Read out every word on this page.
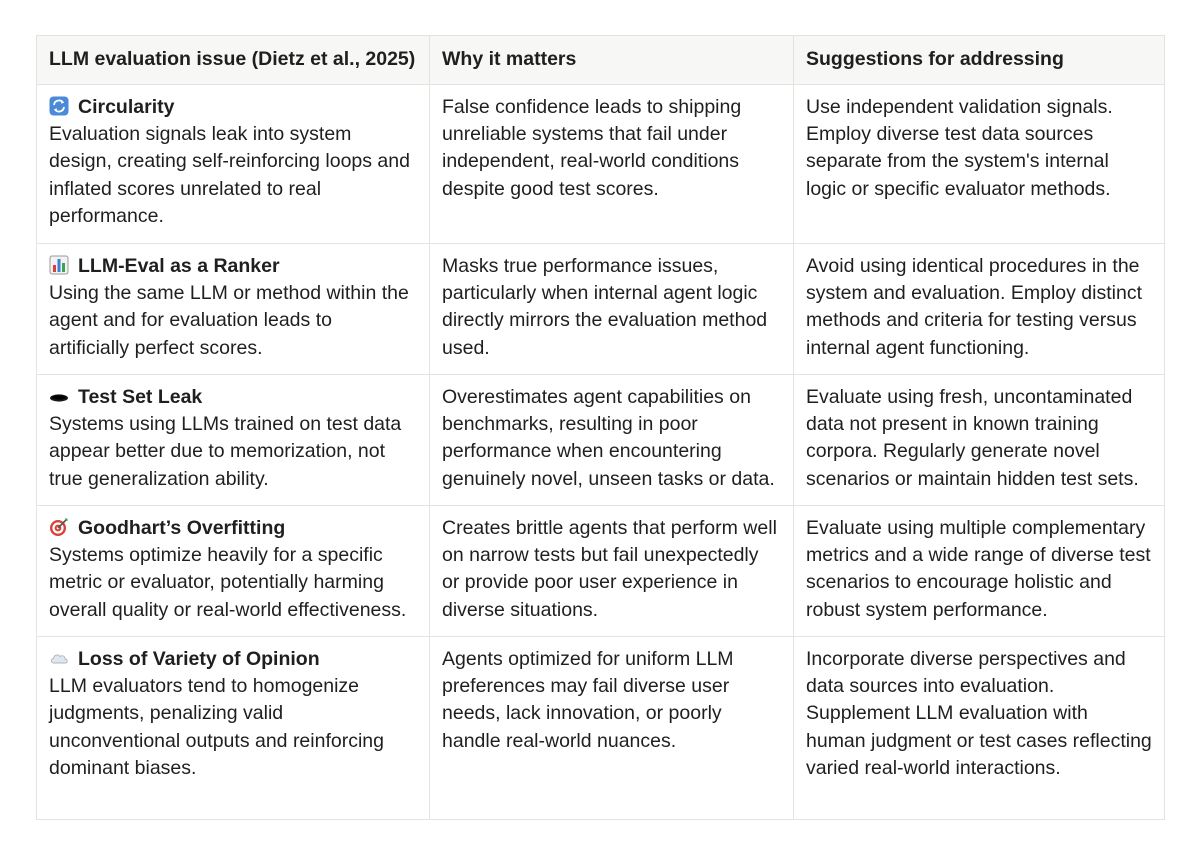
LLM evaluation issue (Dietz et al., 2025)	Why it matters	Suggestions for addressing

Circularity
Evaluation signals leak into system design, creating self-reinforcing loops and inflated scores unrelated to real performance.	False confidence leads to shipping unreliable systems that fail under independent, real-world conditions despite good test scores.	Use independent validation signals. Employ diverse test data sources separate from the system's internal logic or specific evaluator methods.

LLM-Eval as a Ranker
Using the same LLM or method within the agent and for evaluation leads to artificially perfect scores.	Masks true performance issues, particularly when internal agent logic directly mirrors the evaluation method used.	Avoid using identical procedures in the system and evaluation. Employ distinct methods and criteria for testing versus internal agent functioning.

Test Set Leak
Systems using LLMs trained on test data appear better due to memorization, not true generalization ability.	Overestimates agent capabilities on benchmarks, resulting in poor performance when encountering genuinely novel, unseen tasks or data.	Evaluate using fresh, uncontaminated data not present in known training corpora. Regularly generate novel scenarios or maintain hidden test sets.

Goodhart’s Overfitting
Systems optimize heavily for a specific metric or evaluator, potentially harming overall quality or real-world effectiveness.	Creates brittle agents that perform well on narrow tests but fail unexpectedly or provide poor user experience in diverse situations.	Evaluate using multiple complementary metrics and a wide range of diverse test scenarios to encourage holistic and robust system performance.

Loss of Variety of Opinion
LLM evaluators tend to homogenize judgments, penalizing valid unconventional outputs and reinforcing dominant biases.	Agents optimized for uniform LLM preferences may fail diverse user needs, lack innovation, or poorly handle real-world nuances.	Incorporate diverse perspectives and data sources into evaluation. Supplement LLM evaluation with human judgment or test cases reflecting varied real-world interactions.
